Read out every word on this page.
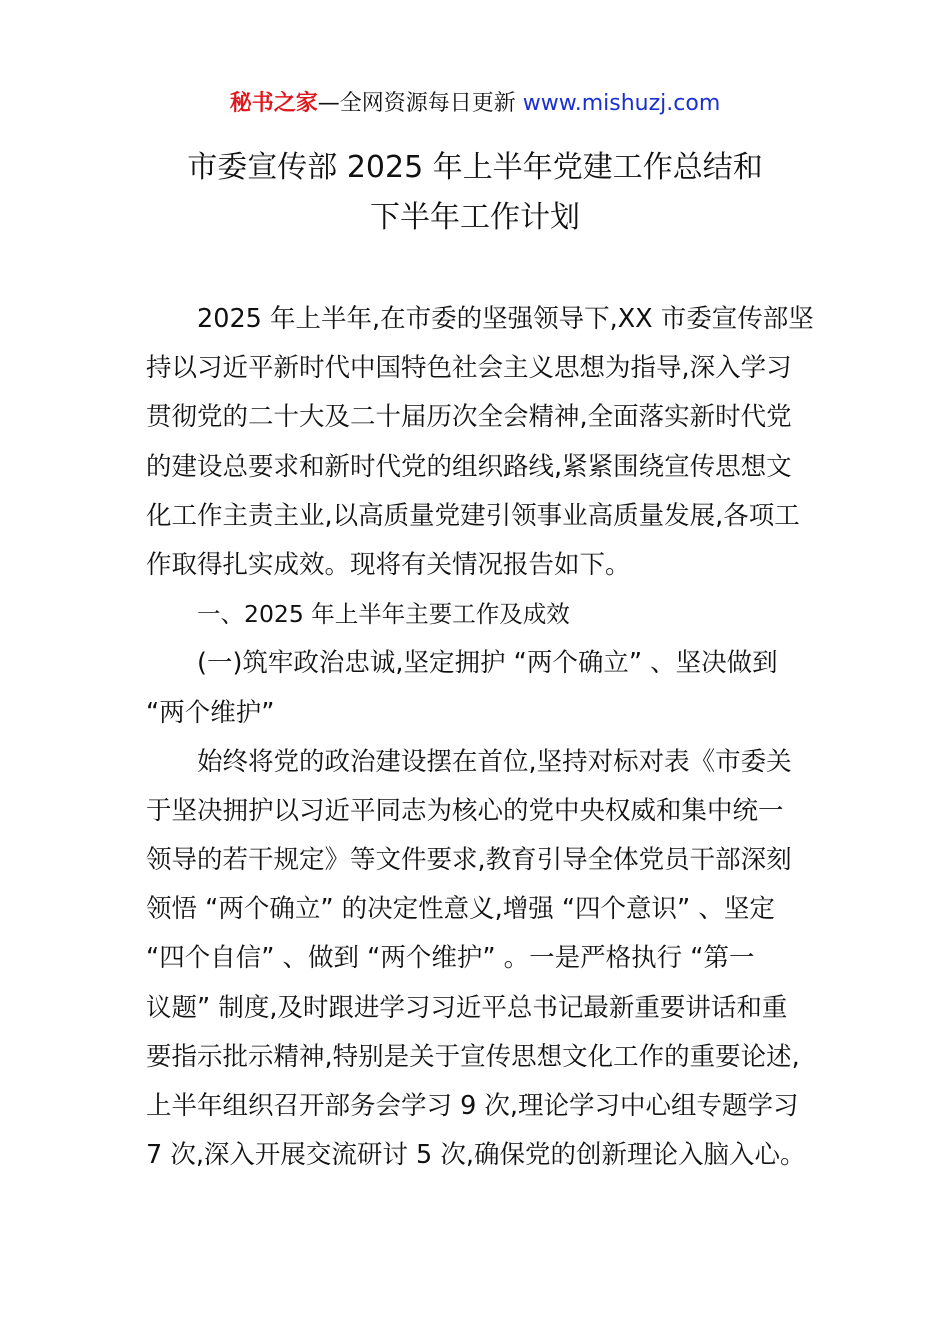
秘书之家—全网资源每日更新 www.mishuzj.com
市委宣传部 2025 年上半年党建工作总结和
下半年工作计划
2025 年上半年,在市委的坚强领导下,XX 市委宣传部坚
持以习近平新时代中国特色社会主义思想为指导,深入学习
贯彻党的二十大及二十届历次全会精神,全面落实新时代党
的建设总要求和新时代党的组织路线,紧紧围绕宣传思想文
化工作主责主业,以高质量党建引领事业高质量发展,各项工
作取得扎实成效。现将有关情况报告如下。
一、2025 年上半年主要工作及成效
(一)筑牢政治忠诚,坚定拥护 “两个确立” 、坚决做到
“两个维护”
始终将党的政治建设摆在首位,坚持对标对表《市委关
于坚决拥护以习近平同志为核心的党中央权威和集中统一
领导的若干规定》等文件要求,教育引导全体党员干部深刻
领悟 “两个确立” 的决定性意义,增强 “四个意识” 、坚定
“四个自信” 、做到 “两个维护” 。一是严格执行 “第一
议题” 制度,及时跟进学习习近平总书记最新重要讲话和重
要指示批示精神,特别是关于宣传思想文化工作的重要论述,
上半年组织召开部务会学习 9 次,理论学习中心组专题学习
7 次,深入开展交流研讨 5 次,确保党的创新理论入脑入心。
